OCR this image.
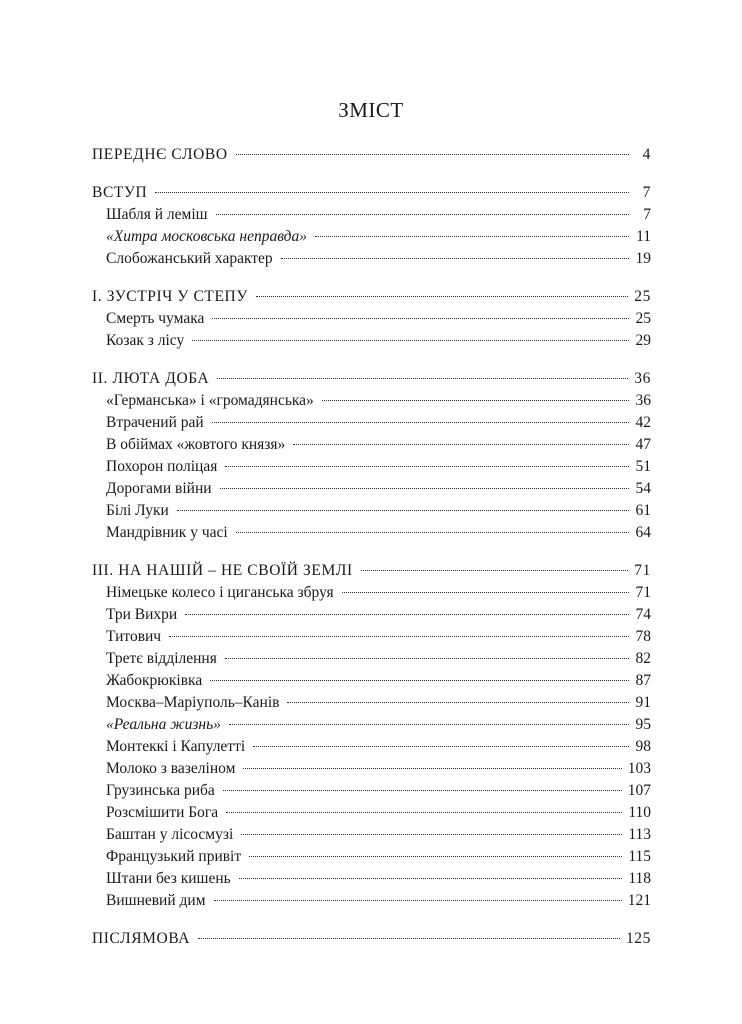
ЗМІСТ
ПЕРЕДНЄ СЛОВО	4
ВСТУП	7
Шабля й леміш	7
«Хитра московська неправда»	11
Слобожанський характер	19
І. ЗУСТРІЧ У СТЕПУ	25
Смерть чумака	25
Козак з лісу	29
ІІ. ЛЮТА ДОБА	36
«Германська» і «громадянська»	36
Втрачений рай	42
В обіймах «жовтого князя»	47
Похорон поліцая	51
Дорогами війни	54
Білі Луки	61
Мандрівник у часі	64
ІІІ. НА НАШІЙ – НЕ СВОЇЙ ЗЕМЛІ	71
Німецьке колесо і циганська збруя	71
Три Вихри	74
Титович	78
Третє відділення	82
Жабокрюківка	87
Москва–Маріуполь–Канів	91
«Реальна жизнь»	95
Монтеккі і Капулетті	98
Молоко з вазеліном	103
Грузинська риба	107
Розсмішити Бога	110
Баштан у лісосмузі	113
Французький привіт	115
Штани без кишень	118
Вишневий дим	121
ПІСЛЯМОВА	125
